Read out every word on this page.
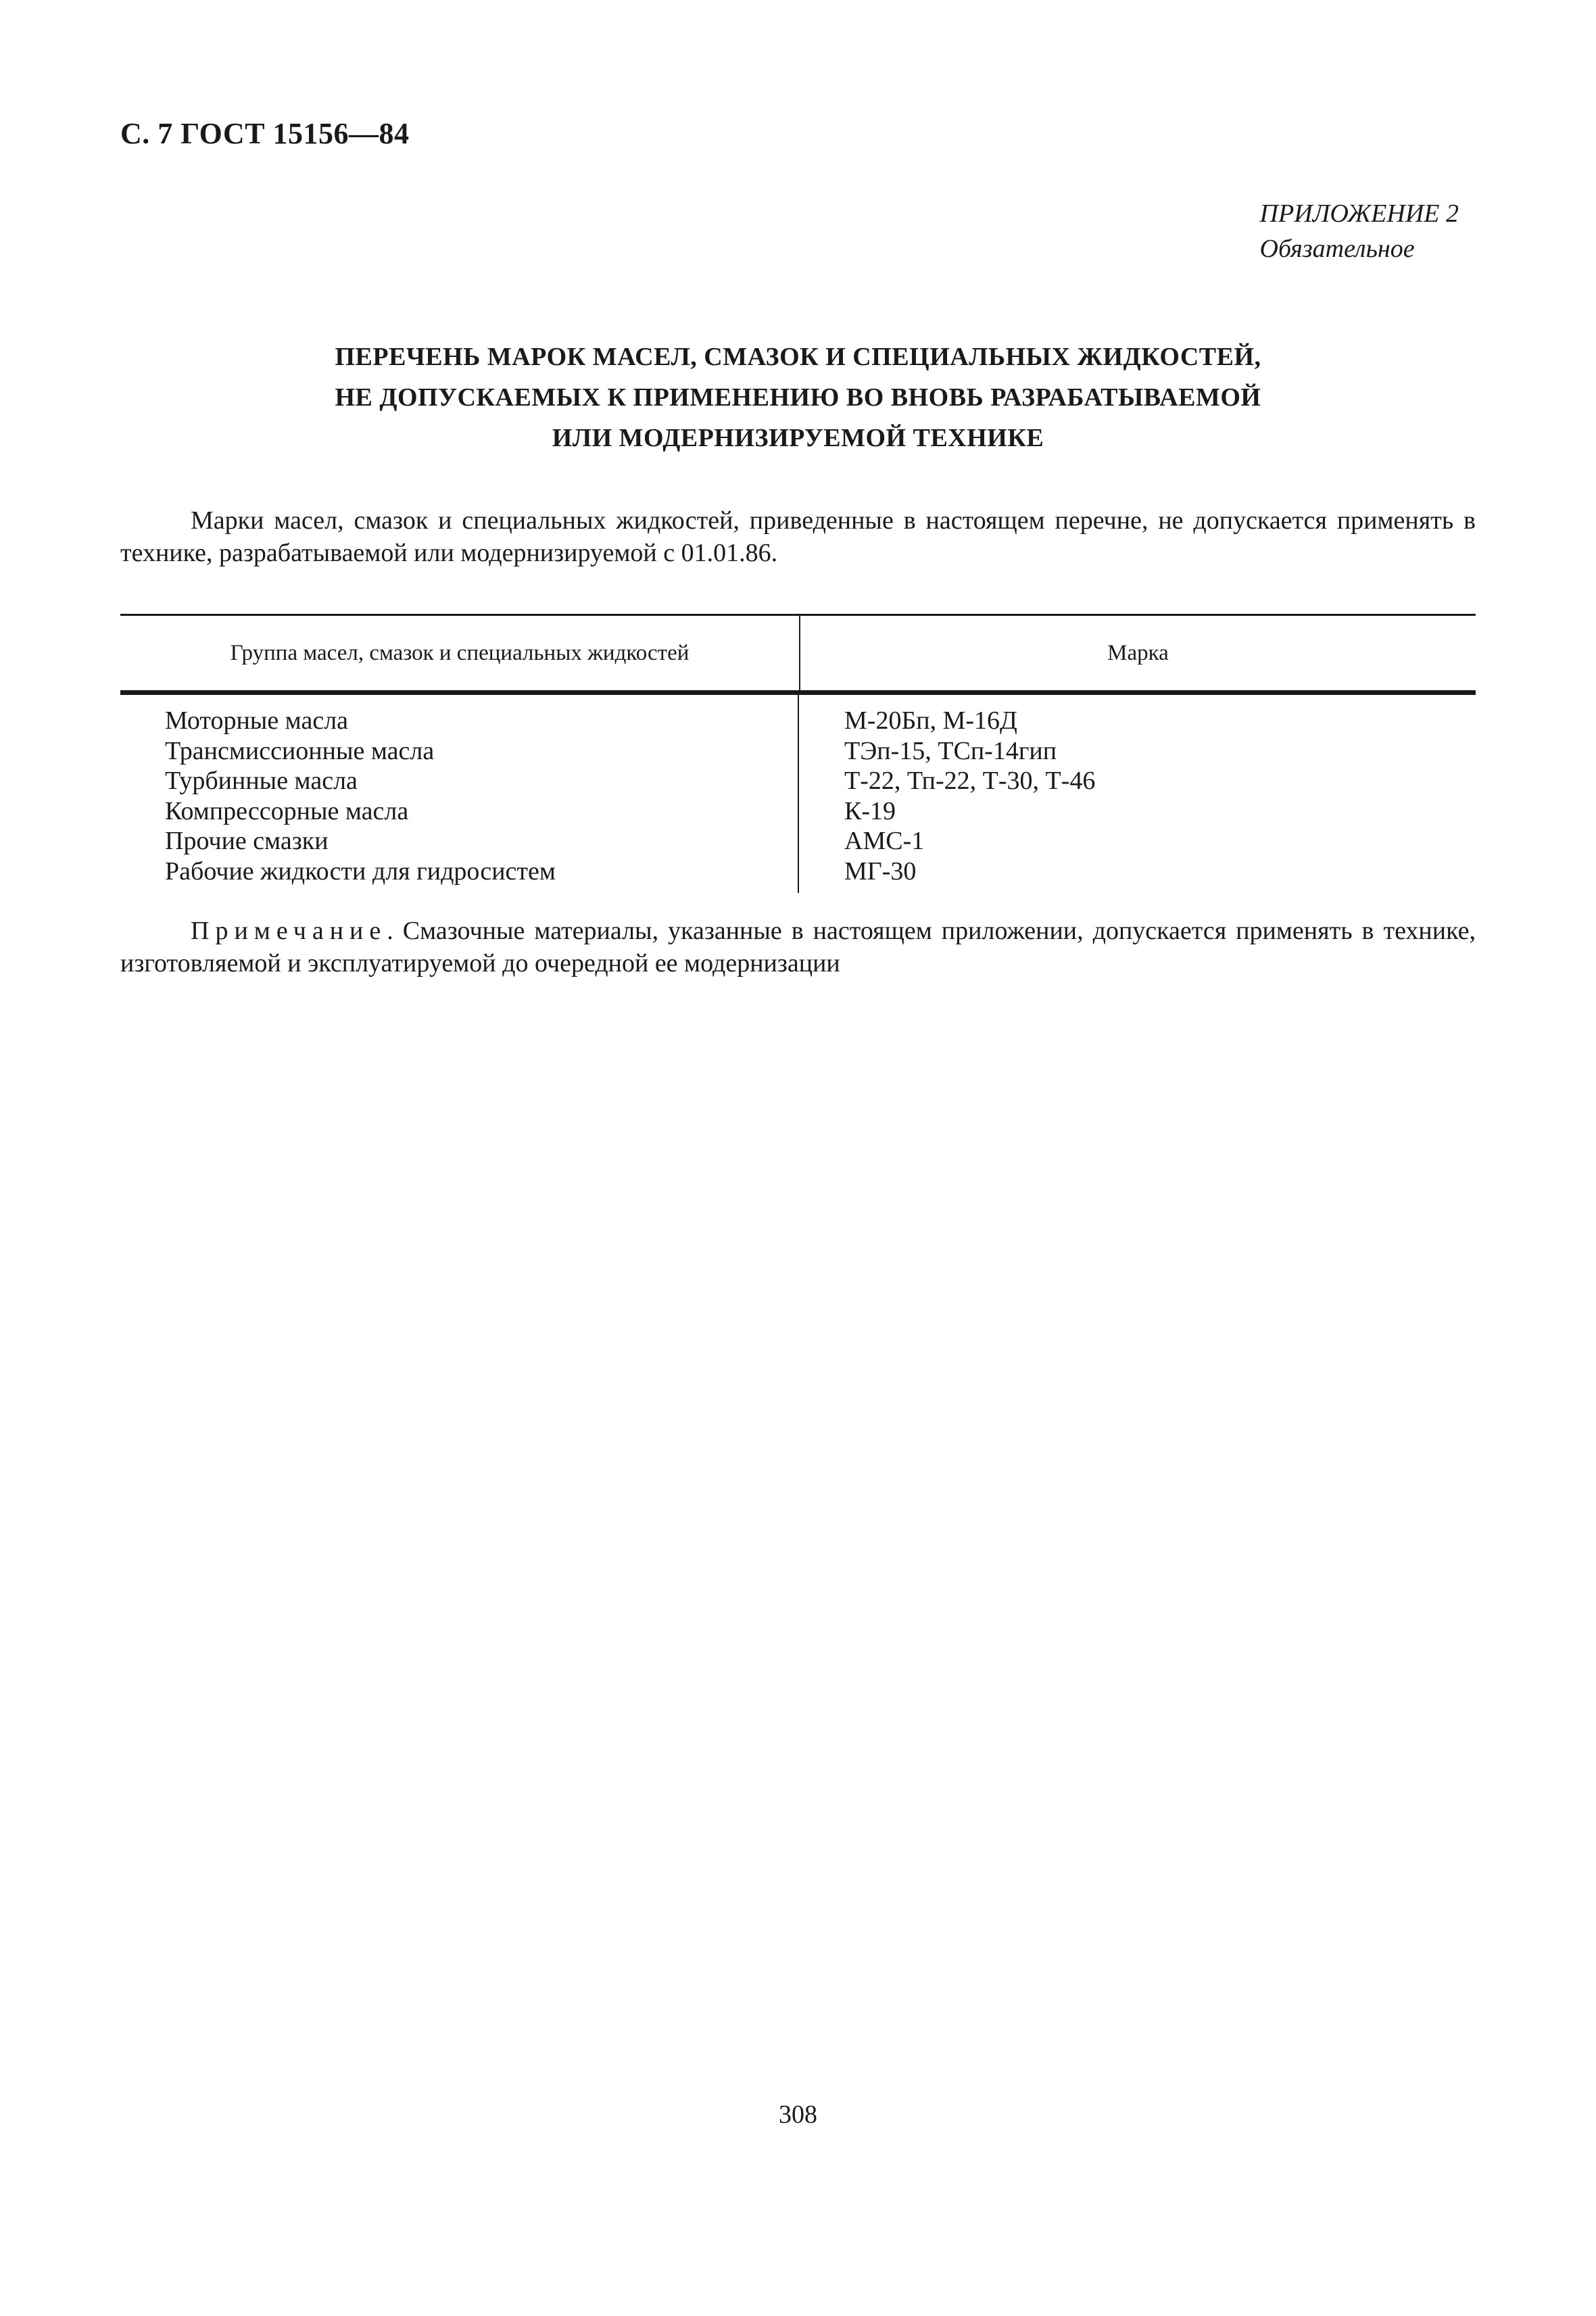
С. 7 ГОСТ 15156—84
ПРИЛОЖЕНИЕ 2
Обязательное
ПЕРЕЧЕНЬ МАРОК МАСЕЛ, СМАЗОК И СПЕЦИАЛЬНЫХ ЖИДКОСТЕЙ,
НЕ ДОПУСКАЕМЫХ К ПРИМЕНЕНИЮ ВО ВНОВЬ РАЗРАБАТЫВАЕМОЙ
ИЛИ МОДЕРНИЗИРУЕМОЙ ТЕХНИКЕ
Марки масел, смазок и специальных жидкостей, приведенные в настоящем перечне, не допускается применять в технике, разрабатываемой или модернизируемой с 01.01.86.
Группа масел, смазок и специальных жидкостей	Марка
Моторные масла
Трансмиссионные масла
Турбинные масла
Компрессорные масла
Прочие смазки
Рабочие жидкости для гидросистем
М-20Бп, М-16Д
ТЭп-15, ТСп-14гип
Т-22, Тп-22, Т-30, Т-46
К-19
АМС-1
МГ-30
Примечание. Смазочные материалы, указанные в настоящем приложении, допускается применять в технике, изготовляемой и эксплуатируемой до очередной ее модернизации
308
